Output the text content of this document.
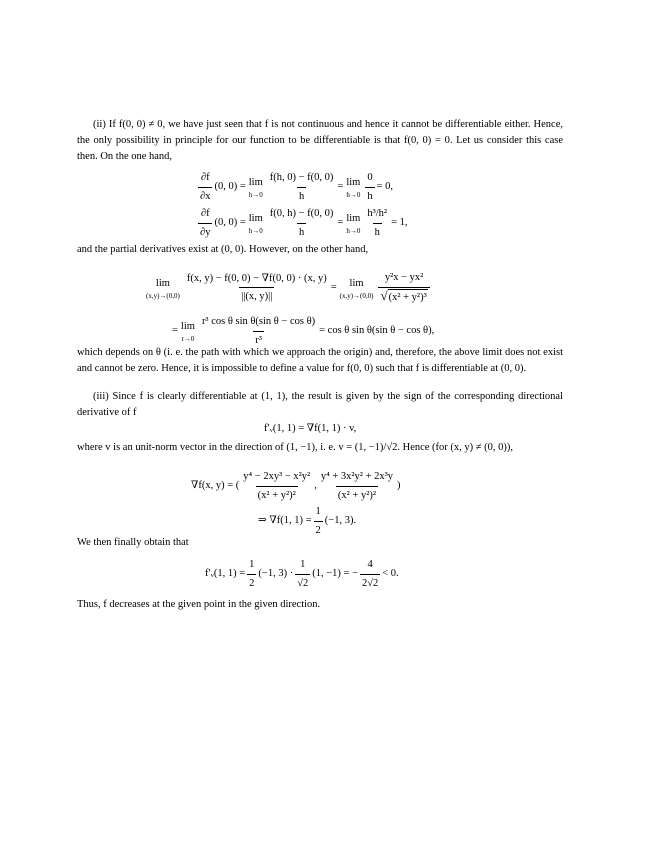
(ii) If f(0, 0) ≠ 0, we have just seen that f is not continuous and hence it cannot be differentiable either. Hence, the only possibility in principle for our function to be differentiable is that f(0, 0) = 0. Let us consider this case then. On the one hand,
$\frac{\partial f}{\partial x} (0$, 0) = lim
$h\to 0 \frac{f(h, 0) - f(0, 0)}{h} = \lim$
$h\to 0 \frac{0}{h} = 0$,
$\frac{\partial f}{\partial y} (0$, 0) = lim
$h\to 0 \frac{f(0, h) - f(0, 0)}{h} = \lim$
$h\to 0 \frac{\text{h³/h²}}{h} = 1$,
and the partial derivatives exist at (0, 0). However, on the other hand,
lim
$(x,y)\to(0,0) \frac{f(x, y) - f(0, 0) - \nabla f(0, 0) \cdot (x, y)}{||(x, y)||} = \lim$
$(x,y)\to(0,0) \frac{\text{y²x − yx²}}{\text{√ (x² + y²)³}}$
= lim
$r\to 0 \frac{\text{r³ cos θ sin θ(sin θ − cos θ)}}{\text{r³}} = \cos \theta$ sin θ(sin θ − cos θ),
which depends on θ (i. e. the path with which we approach the origin) and, therefore, the above limit does not exist and cannot be zero. Hence, it is impossible to define a value for f(0, 0) such that f is differentiable at (0, 0).
(iii) Since f is clearly differentiable at (1, 1), the result is given by the sign of the corresponding directional derivative of f
f′ᵥ(1, 1) = ∇f(1, 1) · v,
where v is an unit-norm vector in the direction of (1, −1), i. e. v = (1, −1)/√2. Hence (for (x, y) ≠ (0, 0)),
∇f(x, y) = ( $\frac{\text{y⁴ − 2xy³ − x²y²}}{\text{(x² + y²)²}}$ , $\frac{\text{y⁴ + 3x²y² + 2x³y}}{\text{(x² + y²)²}}$ )
⇒ ∇f(1, $1) = \frac{1}{2} (-1$, 3).
We then finally obtain that
f′ᵥ(1, $1) = \frac{1}{2} (-1$, $3) \cdot \frac{1}{√2} (1$, −1) = − $\frac{4}{2√2} < 0$.
Thus, f decreases at the given point in the given direction.
